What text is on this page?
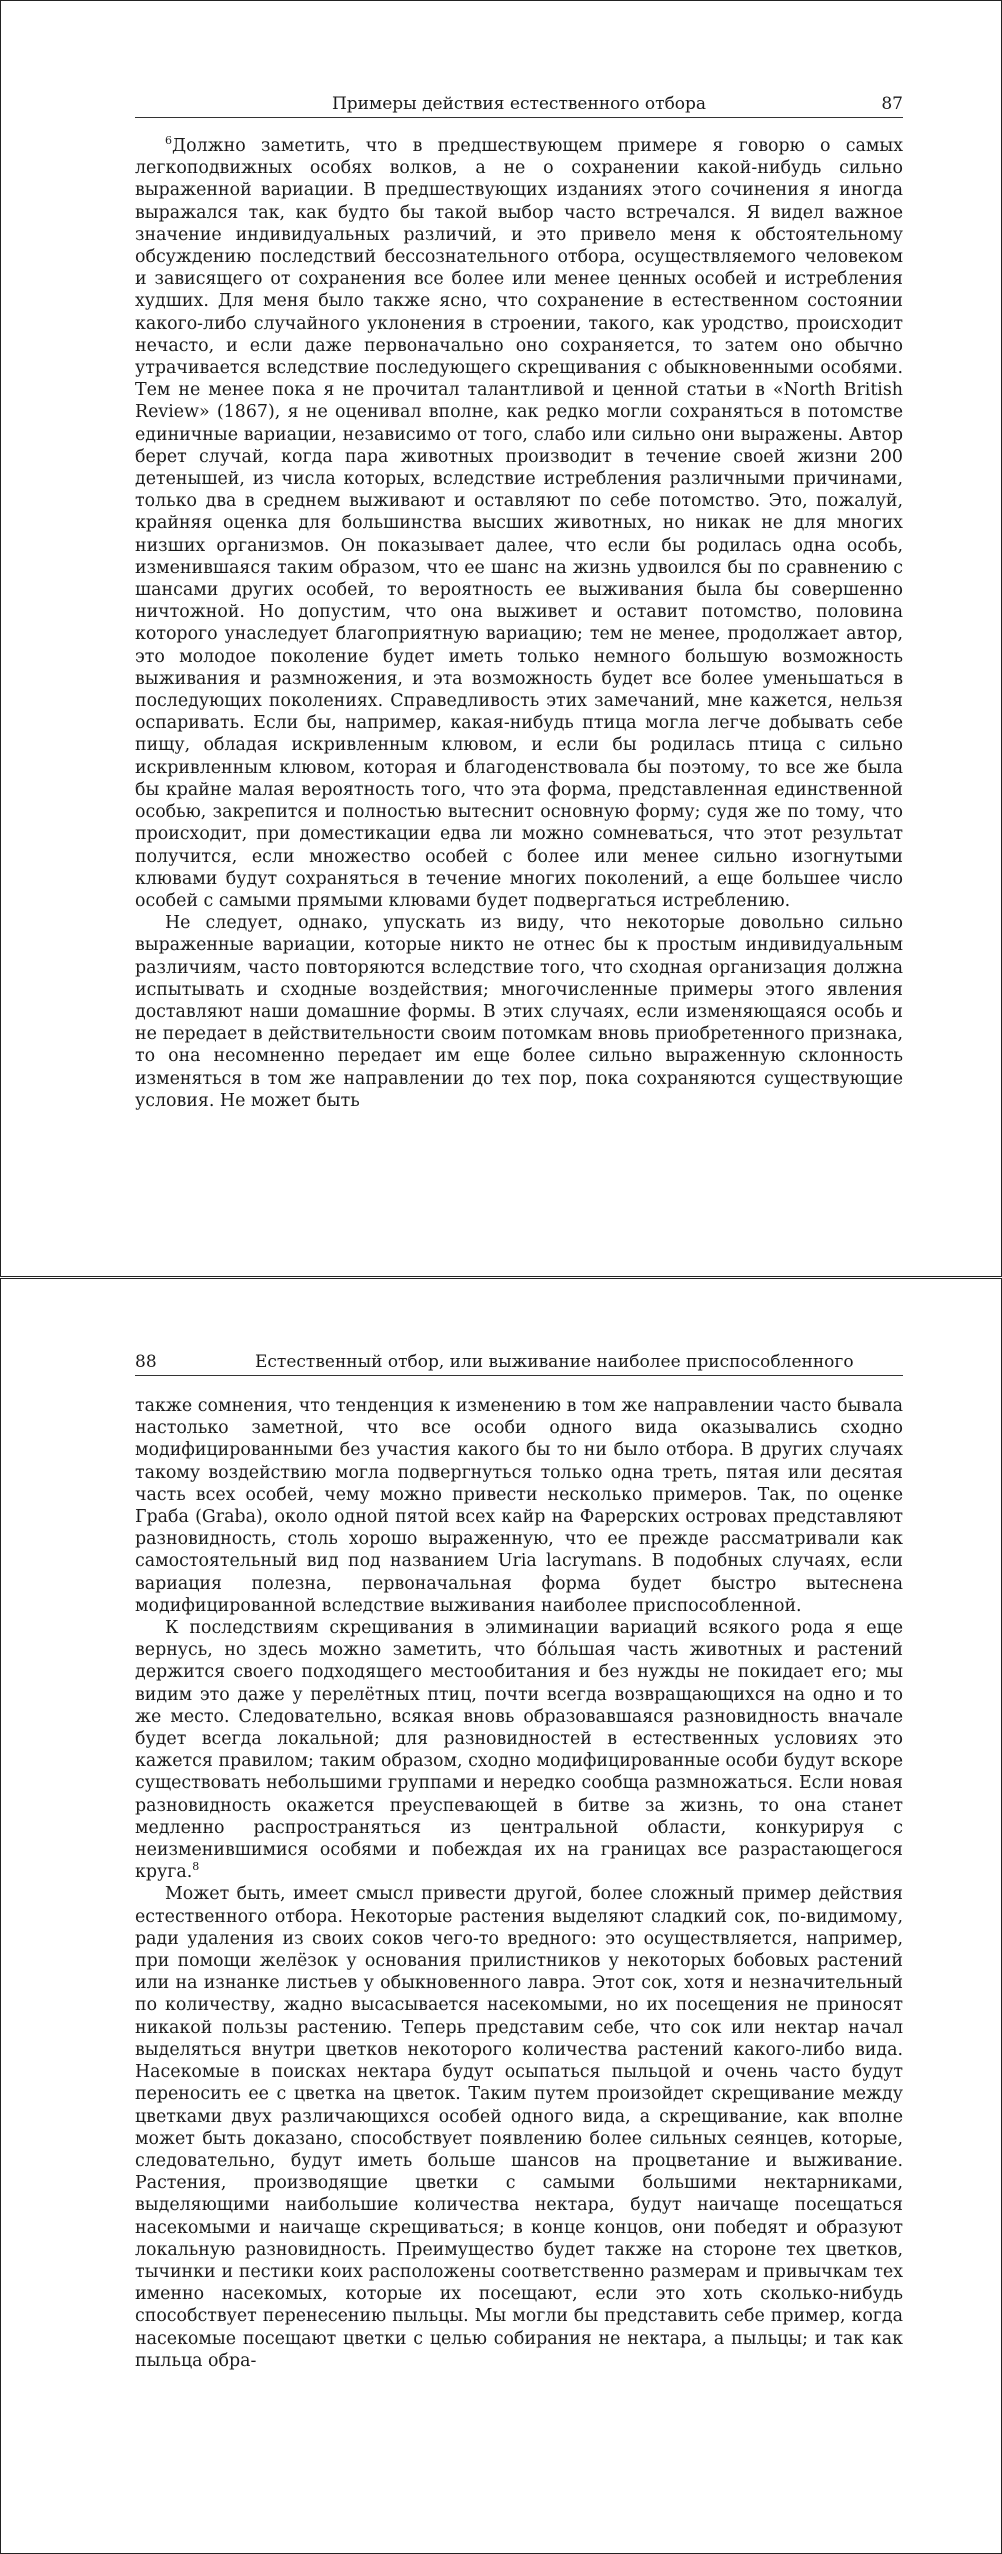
Примеры действия естественного отбора	87

$^6$Должно заметить, что в предшествующем примере я говорю о самых легкоподвижных особях волков, а не о сохранении какой-нибудь сильно выраженной вариации. В предшествующих изданиях этого сочинения я иногда выражался так, как будто бы такой выбор часто встречался. Я видел важное значение индивидуальных различий, и это привело меня к обстоятельному обсуждению последствий бессознательного отбора, осуществляемого человеком и зависящего от сохранения все более или менее ценных особей и истребления худших. Для меня было также ясно, что сохранение в естественном состоянии какого-либо случайного уклонения в строении, такого, как уродство, происходит нечасто, и если даже первоначально оно сохраняется, то затем оно обычно утрачивается вследствие последующего скрещивания с обыкновенными особями. Тем не менее пока я не прочитал талантливой и ценной статьи в «North British Review» (1867), я не оценивал вполне, как редко могли сохраняться в потомстве единичные вариации, независимо от того, слабо или сильно они выражены. Автор берет случай, когда пара животных производит в течение своей жизни 200 детенышей, из числа которых, вследствие истребления различными причинами, только два в среднем выживают и оставляют по себе потомство. Это, пожалуй, крайняя оценка для большинства высших животных, но никак не для многих низших организмов. Он показывает далее, что если бы родилась одна особь, изменившаяся таким образом, что ее шанс на жизнь удвоился бы по сравнению с шансами других особей, то вероятность ее выживания была бы совершенно ничтожной. Но допустим, что она выживет и оставит потомство, половина которого унаследует благоприятную вариацию; тем не менее, продолжает автор, это молодое поколение будет иметь только немного большую возможность выживания и размножения, и эта возможность будет все более уменьшаться в последующих поколениях. Справедливость этих замечаний, мне кажется, нельзя оспаривать. Если бы, например, какая-нибудь птица могла легче добывать себе пищу, обладая искривленным клювом, и если бы родилась птица с сильно искривленным клювом, которая и благоденствовала бы поэтому, то все же была бы крайне малая вероятность того, что эта форма, представленная единственной особью, закрепится и полностью вытеснит основную форму; судя же по тому, что происходит, при доместикации едва ли можно сомневаться, что этот результат получится, если множество особей с более или менее сильно изогнутыми клювами будут сохраняться в течение многих поколений, а еще большее число особей с самыми прямыми клювами будет подвергаться истреблению.

Не следует, однако, упускать из виду, что некоторые довольно сильно выраженные вариации, которые никто не отнес бы к простым индивидуальным различиям, часто повторяются вследствие того, что сходная организация должна испытывать и сходные воздействия; многочисленные примеры этого явления доставляют наши домашние формы. В этих случаях, если изменяющаяся особь и не передает в действительности своим потомкам вновь приобретенного признака, то она несомненно передает им еще более сильно выраженную склонность изменяться в том же направлении до тех пор, пока сохраняются существующие условия. Не может быть

88	Естественный отбор, или выживание наиболее приспособленного

также сомнения, что тенденция к изменению в том же направлении часто бывала настолько заметной, что все особи одного вида оказывались сходно модифицированными без участия какого бы то ни было отбора. В других случаях такому воздействию могла подвергнуться только одна треть, пятая или десятая часть всех особей, чему можно привести несколько примеров. Так, по оценке Граба (Graba), около одной пятой всех кайр на Фарерских островах представляют разновидность, столь хорошо выраженную, что ее прежде рассматривали как самостоятельный вид под названием Uria lacrymans. В подобных случаях, если вариация полезна, первоначальная форма будет быстро вытеснена модифицированной вследствие выживания наиболее приспособленной.

К последствиям скрещивания в элиминации вариаций всякого рода я еще вернусь, но здесь можно заметить, что бóльшая часть животных и растений держится своего подходящего местообитания и без нужды не покидает его; мы видим это даже у перелётных птиц, почти всегда возвращающихся на одно и то же место. Следовательно, всякая вновь образовавшаяся разновидность вначале будет всегда локальной; для разновидностей в естественных условиях это кажется правилом; таким образом, сходно модифицированные особи будут вскоре существовать небольшими группами и нередко сообща размножаться. Если новая разновидность окажется преуспевающей в битве за жизнь, то она станет медленно распространяться из центральной области, конкурируя с неизменившимися особями и побеждая их на границах все разрастающегося круга.$^8$

Может быть, имеет смысл привести другой, более сложный пример действия естественного отбора. Некоторые растения выделяют сладкий сок, по-видимому, ради удаления из своих соков чего-то вредного: это осуществляется, например, при помощи желёзок у основания прилистников у некоторых бобовых растений или на изнанке листьев у обыкновенного лавра. Этот сок, хотя и незначительный по количеству, жадно высасывается насекомыми, но их посещения не приносят никакой пользы растению. Теперь представим себе, что сок или нектар начал выделяться внутри цветков некоторого количества растений какого-либо вида. Насекомые в поисках нектара будут осыпаться пыльцой и очень часто будут переносить ее с цветка на цветок. Таким путем произойдет скрещивание между цветками двух различающихся особей одного вида, а скрещивание, как вполне может быть доказано, способствует появлению более сильных сеянцев, которые, следовательно, будут иметь больше шансов на процветание и выживание. Растения, производящие цветки с самыми большими нектарниками, выделяющими наибольшие количества нектара, будут наичаще посещаться насекомыми и наичаще скрещиваться; в конце концов, они победят и образуют локальную разновидность. Преимущество будет также на стороне тех цветков, тычинки и пестики коих расположены соответственно размерам и привычкам тех именно насекомых, которые их посещают, если это хоть сколько-нибудь способствует перенесению пыльцы. Мы могли бы представить себе пример, когда насекомые посещают цветки с целью собирания не нектара, а пыльцы; и так как пыльца обра-
